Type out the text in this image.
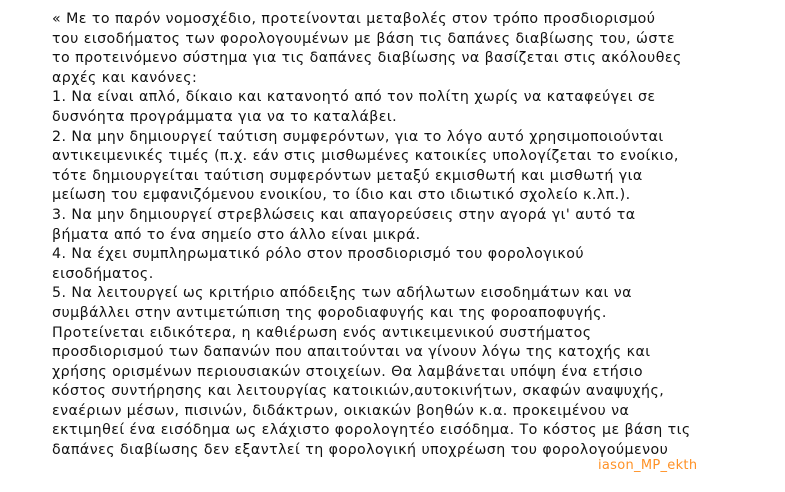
« Με το παρόν νομοσχέδιο, προτείνονται μεταβολές στον τρόπο προσδιορισμού
του εισοδήματος των φορολογουμένων με βάση τις δαπάνες διαβίωσης του, ώστε
το προτεινόμενο σύστημα για τις δαπάνες διαβίωσης να βασίζεται στις ακόλουθες
αρχές και κανόνες:
1. Να είναι απλό, δίκαιο και κατανοητό από τον πολίτη χωρίς να καταφεύγει σε
δυσνόητα προγράμματα για να το καταλάβει.
2. Να μην δημιουργεί ταύτιση συμφερόντων, για το λόγο αυτό χρησιμοποιούνται
αντικειμενικές τιμές (π.χ. εάν στις μισθωμένες κατοικίες υπολογίζεται το ενοίκιο,
τότε δημιουργείται ταύτιση συμφερόντων μεταξύ εκμισθωτή και μισθωτή για
μείωση του εμφανιζόμενου ενοικίου, το ίδιο και στο ιδιωτικό σχολείο κ.λπ.).
3. Να μην δημιουργεί στρεβλώσεις και απαγορεύσεις στην αγορά γι' αυτό τα
βήματα από το ένα σημείο στο άλλο είναι μικρά.
4. Να έχει συμπληρωματικό ρόλο στον προσδιορισμό του φορολογικού
εισοδήματος.
5. Να λειτουργεί ως κριτήριο απόδειξης των αδήλωτων εισοδημάτων και να
συμβάλλει στην αντιμετώπιση της φοροδιαφυγής και της φοροαποφυγής.
Προτείνεται ειδικότερα, η καθιέρωση ενός αντικειμενικού συστήματος
προσδιορισμού των δαπανών που απαιτούνται να γίνουν λόγω της κατοχής και
χρήσης ορισμένων περιουσιακών στοιχείων. Θα λαμβάνεται υπόψη ένα ετήσιο
κόστος συντήρησης και λειτουργίας κατοικιών,αυτοκινήτων, σκαφών αναψυχής,
εναέριων μέσων, πισινών, διδάκτρων, οικιακών βοηθών κ.α. προκειμένου να
εκτιμηθεί ένα εισόδημα ως ελάχιστο φορολογητέο εισόδημα. Το κόστος με βάση τις
δαπάνες διαβίωσης δεν εξαντλεί τη φορολογική υποχρέωση του φορολογούμενου
iason_MP_ekth
